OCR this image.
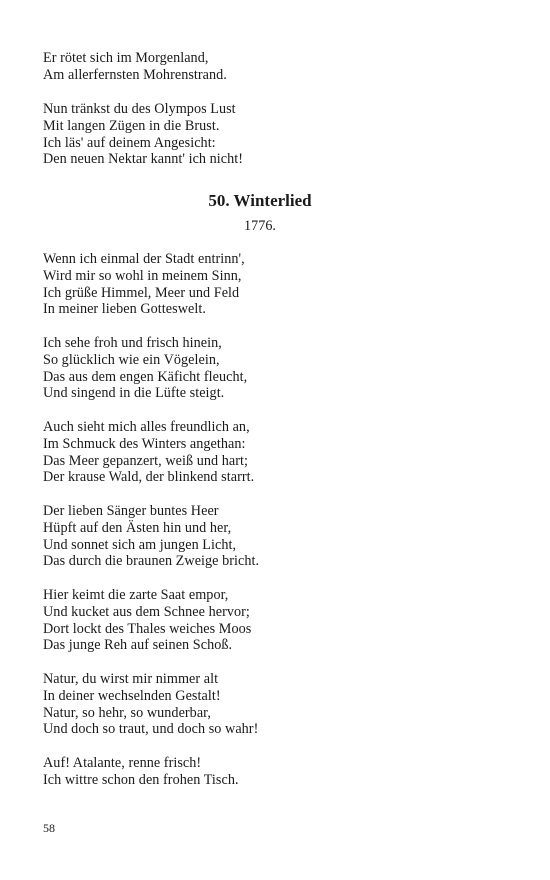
Er rötet sich im Morgenland,
Am allerfernsten Mohrenstrand.
Nun tränkst du des Olympos Lust
Mit langen Zügen in die Brust.
Ich läs' auf deinem Angesicht:
Den neuen Nektar kannt' ich nicht!
50. Winterlied
1776.
Wenn ich einmal der Stadt entrinn',
Wird mir so wohl in meinem Sinn,
Ich grüße Himmel, Meer und Feld
In meiner lieben Gotteswelt.
Ich sehe froh und frisch hinein,
So glücklich wie ein Vögelein,
Das aus dem engen Käficht fleucht,
Und singend in die Lüfte steigt.
Auch sieht mich alles freundlich an,
Im Schmuck des Winters angethan:
Das Meer gepanzert, weiß und hart;
Der krause Wald, der blinkend starrt.
Der lieben Sänger buntes Heer
Hüpft auf den Ästen hin und her,
Und sonnet sich am jungen Licht,
Das durch die braunen Zweige bricht.
Hier keimt die zarte Saat empor,
Und kucket aus dem Schnee hervor;
Dort lockt des Thales weiches Moos
Das junge Reh auf seinen Schoß.
Natur, du wirst mir nimmer alt
In deiner wechselnden Gestalt!
Natur, so hehr, so wunderbar,
Und doch so traut, und doch so wahr!
Auf! Atalante, renne frisch!
Ich wittre schon den frohen Tisch.
58
